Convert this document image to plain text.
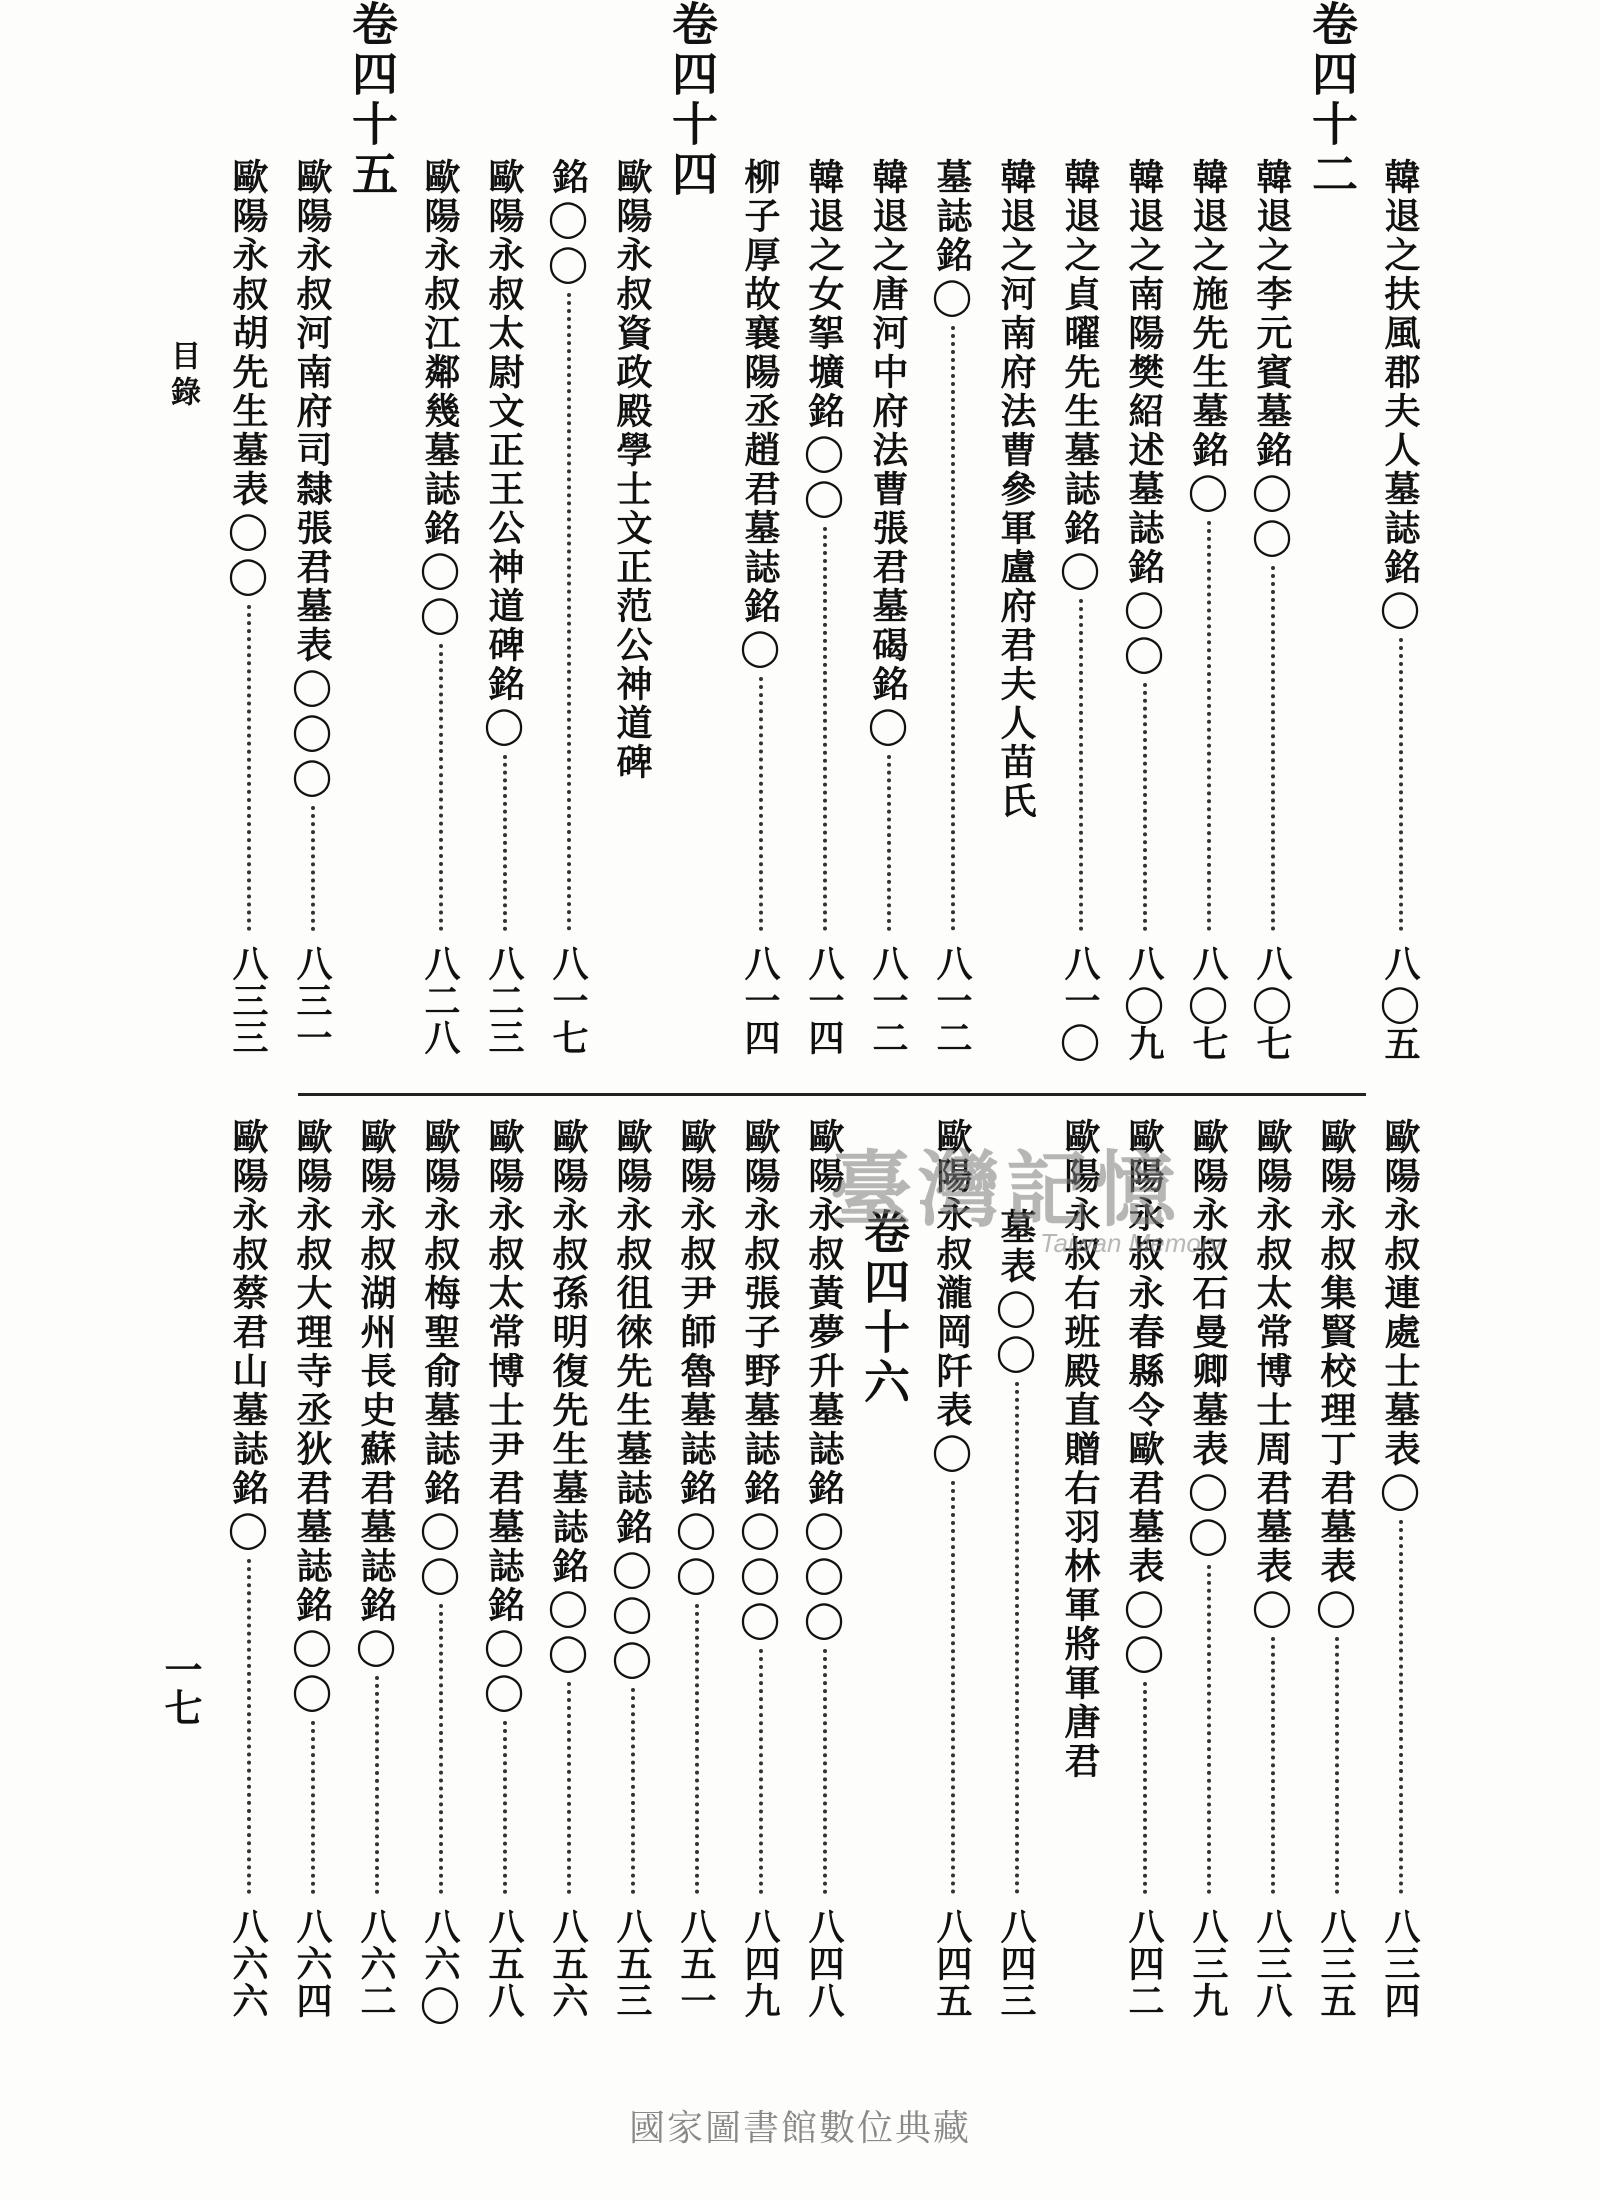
目錄
一七
韓退之扶風郡夫人墓誌銘◯
八◯五
卷四十二
韓退之李元賓墓銘◯◯
八◯七
韓退之施先生墓銘◯
八◯七
韓退之南陽樊紹述墓誌銘◯◯
八◯九
韓退之貞曜先生墓誌銘◯
八一◯
韓退之河南府法曹參軍盧府君夫人苗氏
墓誌銘◯
八一二
韓退之唐河中府法曹張君墓碣銘◯
八一二
韓退之女挐壙銘◯◯
八一四
柳子厚故襄陽丞趙君墓誌銘◯
八一四
卷四十四
歐陽永叔資政殿學士文正范公神道碑
銘◯◯
八一七
歐陽永叔太尉文正王公神道碑銘◯
八二三
歐陽永叔江鄰幾墓誌銘◯◯
八二八
卷四十五
歐陽永叔河南府司隸張君墓表◯◯◯
八三一
歐陽永叔胡先生墓表◯◯
八三三
歐陽永叔連處士墓表◯
八三四
歐陽永叔集賢校理丁君墓表◯
八三五
歐陽永叔太常博士周君墓表◯
八三八
歐陽永叔石曼卿墓表◯◯
八三九
歐陽永叔永春縣令歐君墓表◯◯
八四二
歐陽永叔右班殿直贈右羽林軍將軍唐君
墓表◯◯
八四三
歐陽永叔瀧岡阡表◯
八四五
卷四十六
歐陽永叔黃夢升墓誌銘◯◯◯
八四八
歐陽永叔張子野墓誌銘◯◯◯
八四九
歐陽永叔尹師魯墓誌銘◯◯
八五一
歐陽永叔徂徠先生墓誌銘◯◯◯
八五三
歐陽永叔孫明復先生墓誌銘◯◯
八五六
歐陽永叔太常博士尹君墓誌銘◯◯
八五八
歐陽永叔梅聖俞墓誌銘◯◯
八六◯
歐陽永叔湖州長史蘇君墓誌銘◯
八六二
歐陽永叔大理寺丞狄君墓誌銘◯◯
八六四
歐陽永叔蔡君山墓誌銘◯
八六六
臺灣記憶
Taiwan Memory
國家圖書館數位典藏
